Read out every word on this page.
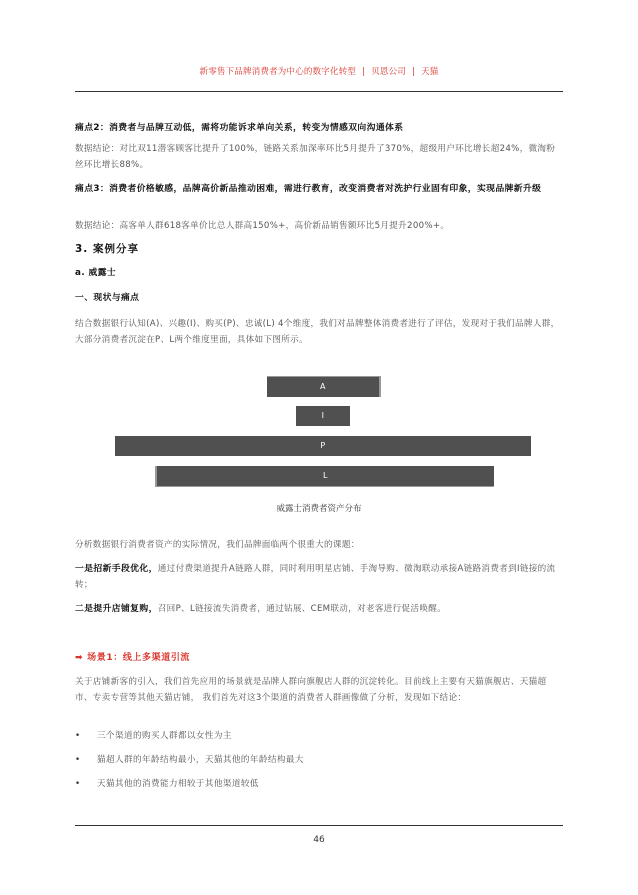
新零售下品牌消费者为中心的数字化转型 | 贝恩公司 | 天猫
痛点2：消费者与品牌互动低，需将功能诉求单向关系，转变为情感双向沟通体系
数据结论：对比双11潜客顾客比提升了100%，链路关系加深率环比5月提升了370%，超级用户环比增长超24%，微淘粉丝环比增长88%。
痛点3：消费者价格敏感，品牌高价新品推动困难，需进行教育，改变消费者对洗护行业固有印象，实现品牌新升级
数据结论：高客单人群618客单价比总人群高150%+，高价新品销售额环比5月提升200%+。
3. 案例分享
a. 威露士
一、现状与痛点
结合数据银行认知(A)、兴趣(I)、购买(P)、忠诚(L) 4个维度，我们对品牌整体消费者进行了评估，发现对于我们品牌人群，大部分消费者沉淀在P、L两个维度里面，具体如下图所示。
A
I
P
L
威露士消费者资产分布
分析数据银行消费者资产的实际情况，我们品牌面临两个很重大的课题：
一是招新手段优化，通过付费渠道提升A链路人群，同时利用明星店铺、手淘导购、微淘联动承接A链路消费者到I链接的流转；
二是提升店铺复购，召回P、L链接流失消费者，通过钻展、CEM联动，对老客进行促活唤醒。
➡ 场景1：线上多渠道引流
关于店铺新客的引入，我们首先应用的场景就是品牌人群向旗舰店人群的沉淀转化。目前线上主要有天猫旗舰店、天猫超市、专卖专营等其他天猫店铺， 我们首先对这3个渠道的消费者人群画像做了分析，发现如下结论：
• 三个渠道的购买人群都以女性为主
• 猫超人群的年龄结构最小，天猫其他的年龄结构最大
• 天猫其他的消费能力相较于其他渠道较低
46
